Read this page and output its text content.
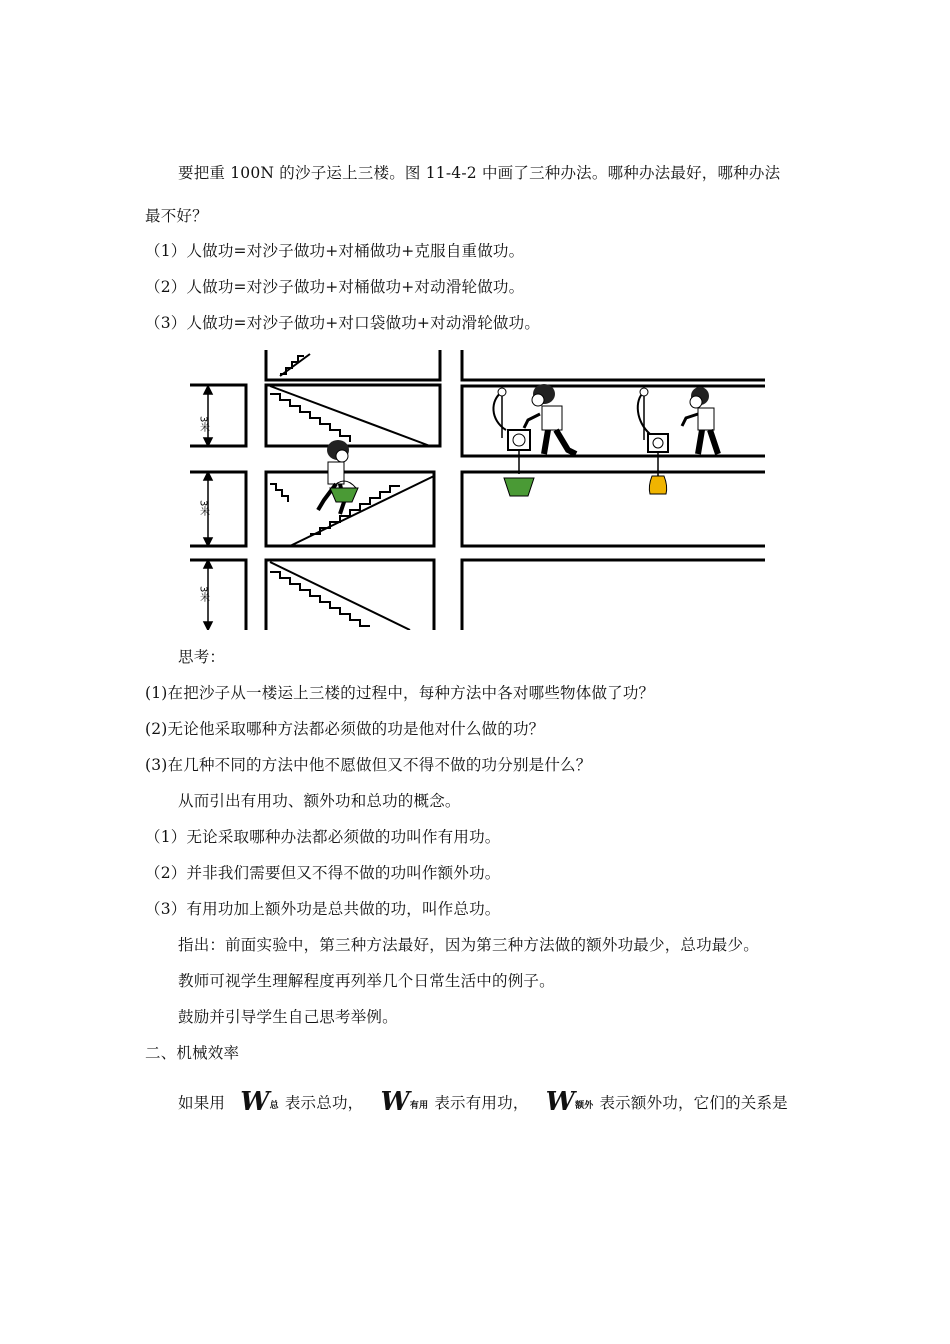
要把重 100N 的沙子运上三楼。图 11-4-2 中画了三种办法。哪种办法最好，哪种办法
最不好？
（1）人做功=对沙子做功+对桶做功+克服自重做功。
（2）人做功=对沙子做功+对桶做功+对动滑轮做功。
（3）人做功=对沙子做功+对口袋做功+对动滑轮做功。
3米
3米
3米
思考：
(1)在把沙子从一楼运上三楼的过程中，每种方法中各对哪些物体做了功？
(2)无论他采取哪种方法都必须做的功是他对什么做的功？
(3)在几种不同的方法中他不愿做但又不得不做的功分别是什么？
从而引出有用功、额外功和总功的概念。
（1）无论采取哪种办法都必须做的功叫作有用功。
（2）并非我们需要但又不得不做的功叫作额外功。
（3）有用功加上额外功是总共做的功，叫作总功。
指出：前面实验中，第三种方法最好，因为第三种方法做的额外功最少，总功最少。
教师可视学生理解程度再列举几个日常生活中的例子。
鼓励并引导学生自己思考举例。
二、机械效率
如果用 W总 表示总功， W有用 表示有用功， W额外 表示额外功，它们的关系是
